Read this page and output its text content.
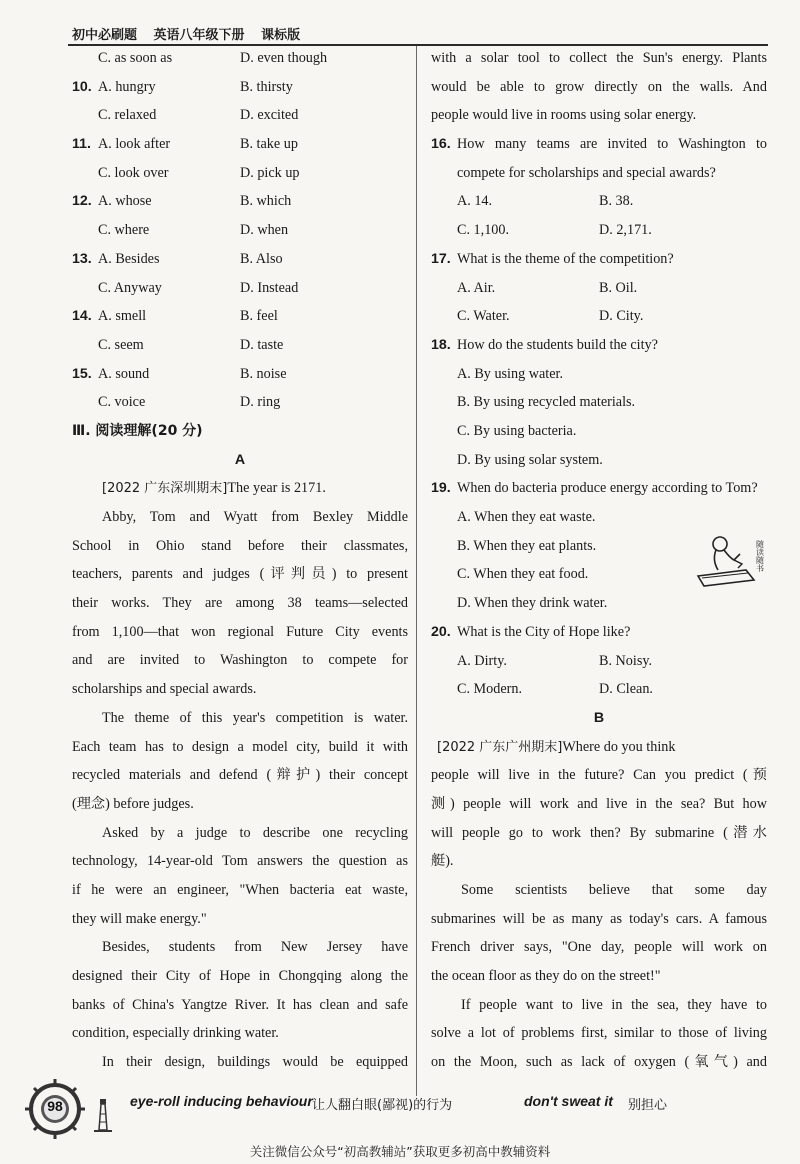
初中必刷题 英语八年级下册 课标版
C. as soon as	D. even though
10. A. hungry	B. thirsty
C. relaxed	D. excited
11. A. look after	B. take up
C. look over	D. pick up
12. A. whose	B. which
C. where	D. when
13. A. Besides	B. Also
C. Anyway	D. Instead
14. A. smell	B. feel
C. seem	D. taste
15. A. sound	B. noise
C. voice	D. ring
Ⅲ. 阅读理解(20 分)
A
[2022 广东深圳期末]The year is 2171.
Abby, Tom and Wyatt from Bexley Middle
School in Ohio stand before their classmates,
teachers, parents and judges (评判员) to present
their works. They are among 38 teams—selected
from 1,100—that won regional Future City events
and are invited to Washington to compete for
scholarships and special awards.
The theme of this year's competition is water.
Each team has to design a model city, build it with
recycled materials and defend (辩护) their concept
(理念) before judges.
Asked by a judge to describe one recycling
technology, 14-year-old Tom answers the question as
if he were an engineer, "When bacteria eat waste,
they will make energy."
Besides, students from New Jersey have
designed their City of Hope in Chongqing along the
banks of China's Yangtze River. It has clean and safe
condition, especially drinking water.
In their design, buildings would be equipped
with a solar tool to collect the Sun's energy. Plants
would be able to grow directly on the walls. And
people would live in rooms using solar energy.
16. How many teams are invited to Washington to compete for scholarships and special awards?
A. 14.	B. 38.
C. 1,100.	D. 2,171.
17. What is the theme of the competition?
A. Air.	B. Oil.
C. Water.	D. City.
18. How do the students build the city?
A. By using water.
B. By using recycled materials.
C. By using bacteria.
D. By using solar system.
19. When do bacteria produce energy according to Tom?
A. When they eat waste.
B. When they eat plants.
C. When they eat food.
D. When they drink water.
20. What is the City of Hope like?
A. Dirty.	B. Noisy.
C. Modern.	D. Clean.
B
[2022 广东广州期末]Where do you think
people will live in the future? Can you predict (预
测) people will work and live in the sea? But how
will people go to work then? By submarine (潜水
艇).
Some scientists believe that some day
submarines will be as many as today's cars. A famous
French driver says, "One day, people will work on
the ocean floor as they do on the street!"
If people want to live in the sea, they have to
solve a lot of problems first, similar to those of living
on the Moon, such as lack of oxygen (氧气) and
随读随书
98	eye-roll inducing behaviour 让人翻白眼(鄙视)的行为	don't sweat it 别担心
关注微信公众号“初高教辅站”获取更多初高中教辅资料
